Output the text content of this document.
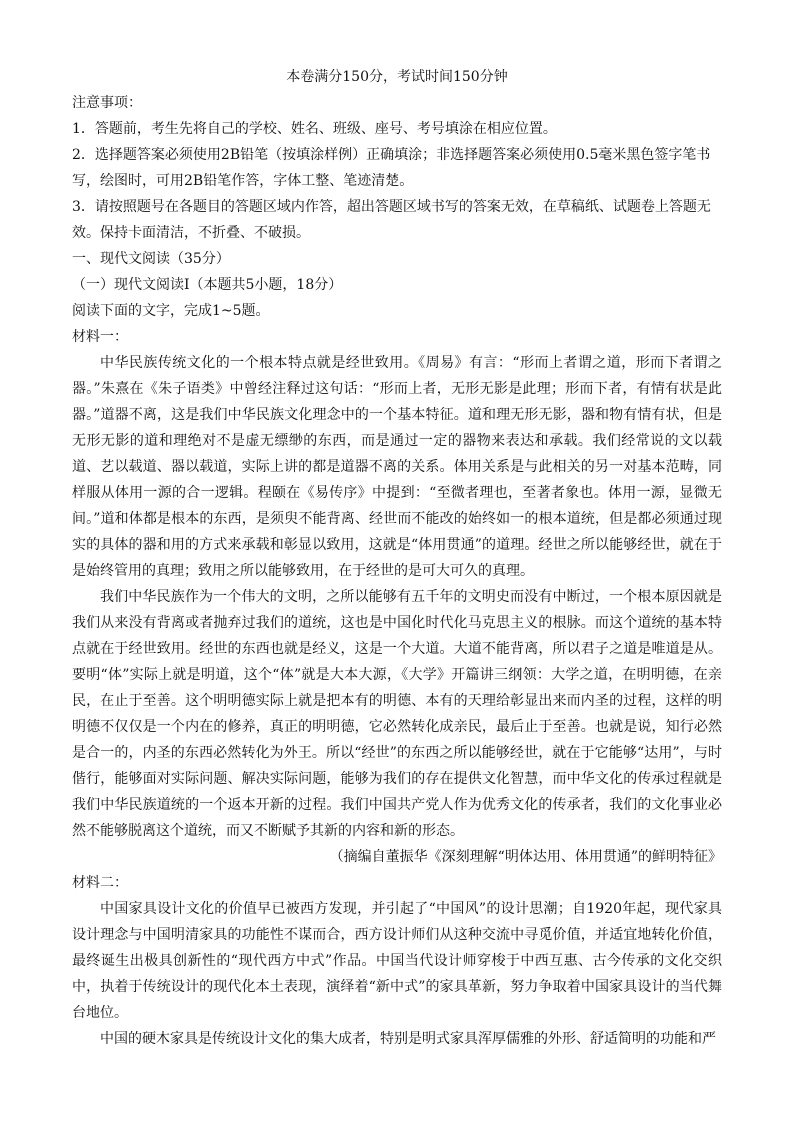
本卷满分150分，考试时间150分钟
注意事项：

1．答题前，考生先将自己的学校、姓名、班级、座号、考号填涂在相应位置。

2．选择题答案必须使用2B铅笔（按填涂样例）正确填涂；非选择题答案必须使用0.5毫米黑色签字笔书写，绘图时，可用2B铅笔作答，字体工整、笔迹清楚。

3．请按照题号在各题目的答题区域内作答，超出答题区域书写的答案无效，在草稿纸、试题卷上答题无效。保持卡面清洁，不折叠、不破损。

一、现代文阅读（35分）
（一）现代文阅读Ⅰ（本题共5小题，18分）
阅读下面的文字，完成1~5题。
材料一：

中华民族传统文化的一个根本特点就是经世致用。《周易》有言：“形而上者谓之道，形而下者谓之器。”朱熹在《朱子语类》中曾经注释过这句话：“形而上者，无形无影是此理；形而下者，有情有状是此器。”道器不离，这是我们中华民族文化理念中的一个基本特征。道和理无形无影，器和物有情有状，但是无形无影的道和理绝对不是虚无缥缈的东西，而是通过一定的器物来表达和承载。我们经常说的文以载道、艺以载道、器以载道，实际上讲的都是道器不离的关系。体用关系是与此相关的另一对基本范畴，同样服从体用一源的合一逻辑。程颐在《易传序》中提到：“至微者理也，至著者象也。体用一源，显微无间。”道和体都是根本的东西，是须臾不能背离、经世而不能改的始终如一的根本道统，但是都必须通过现实的具体的器和用的方式来承载和彰显以致用，这就是“体用贯通”的道理。经世之所以能够经世，就在于是始终管用的真理；致用之所以能够致用，在于经世的是可大可久的真理。

我们中华民族作为一个伟大的文明，之所以能够有五千年的文明史而没有中断过，一个根本原因就是我们从来没有背离或者抛弃过我们的道统，这也是中国化时代化马克思主义的根脉。而这个道统的基本特点就在于经世致用。经世的东西也就是经义，这是一个大道。大道不能背离，所以君子之道是唯道是从。要明“体”实际上就是明道，这个“体”就是大本大源，《大学》开篇讲三纲领：大学之道，在明明德，在亲民，在止于至善。这个明明德实际上就是把本有的明德、本有的天理给彰显出来而内圣的过程，这样的明明德不仅仅是一个内在的修养，真正的明明德，它必然转化成亲民，最后止于至善。也就是说，知行必然是合一的，内圣的东西必然转化为外王。所以“经世”的东西之所以能够经世，就在于它能够“达用”，与时偕行，能够面对实际问题、解决实际问题，能够为我们的存在提供文化智慧，而中华文化的传承过程就是我们中华民族道统的一个返本开新的过程。我们中国共产党人作为优秀文化的传承者，我们的文化事业必然不能够脱离这个道统，而又不断赋予其新的内容和新的形态。

（摘编自董振华《深刻理解“明体达用、体用贯通”的鲜明特征》
材料二：

中国家具设计文化的价值早已被西方发现，并引起了“中国风”的设计思潮；自1920年起，现代家具设计理念与中国明清家具的功能性不谋而合，西方设计师们从这种交流中寻觅价值，并适宜地转化价值，最终诞生出极具创新性的“现代西方中式”作品。中国当代设计师穿梭于中西互惠、古今传承的文化交织中，执着于传统设计的现代化本土表现，演绎着“新中式”的家具革新，努力争取着中国家具设计的当代舞台地位。

中国的硬木家具是传统设计文化的集大成者，特别是明式家具浑厚儒雅的外形、舒适简明的功能和严
